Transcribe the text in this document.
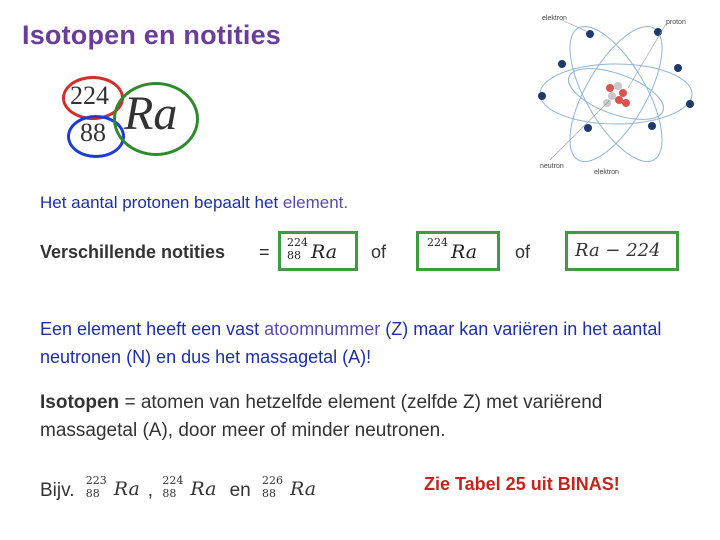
Isotopen en notities
224
88 Ra
elektron
proton
neutron
elektron
Het aantal protonen bepaalt het element.
Verschillende notities = 224
88 Ra of	224 Ra of Ra − 224
Een element heeft een vast atoomnummer (Z) maar kan variëren in het aantal neutronen (N) en dus het massagetal (A)!
Isotopen = atomen van hetzelfde element (zelfde Z) met variërend massagetal (A), door meer of minder neutronen.
Bijv. 223
88 Ra , 224
88 Ra en 226
88 Ra	Zie Tabel 25 uit BINAS!
